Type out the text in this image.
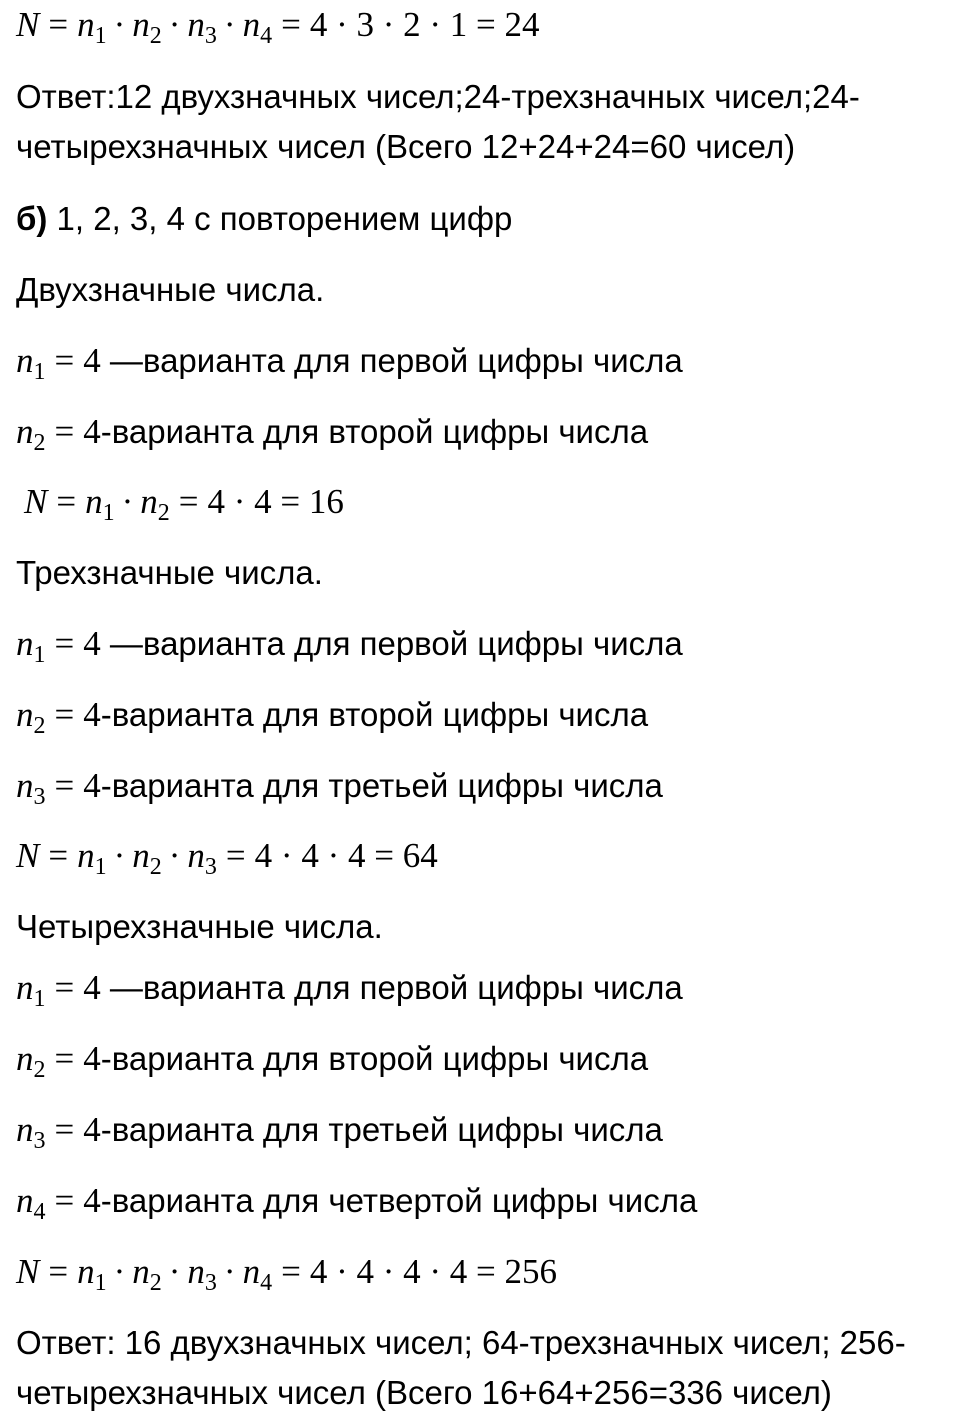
$N = n_1 \cdot n_2 \cdot n_3 \cdot n_4 = 4 \cdot 3 \cdot 2 \cdot 1 = 24$
Ответ:12 двухзначных чисел;24-трехзначных чисел;24-
четырехзначных чисел (Всего 12+24+24=60 чисел)
б) 1, 2, 3, 4 с повторением цифр
Двухзначные числа.
$n_1 = 4$ —варианта для первой цифры числа
$n_2$ = 4-варианта для второй цифры числа
$N = n_1 \cdot n_2 = 4 \cdot 4 = 16$
Трехзначные числа.
$n_1 = 4$ —варианта для первой цифры числа
$n_2$ = 4-варианта для второй цифры числа
$n_3$ = 4-варианта для третьей цифры числа
$N = n_1 \cdot n_2 \cdot n_3 = 4 \cdot 4 \cdot 4 = 64$
Четырехзначные числа.
$n_1 = 4$ —варианта для первой цифры числа
$n_2$ = 4-варианта для второй цифры числа
$n_3$ = 4-варианта для третьей цифры числа
$n_4$ = 4-варианта для четвертой цифры числа
$N = n_1 \cdot n_2 \cdot n_3 \cdot n_4 = 4 \cdot 4 \cdot 4 \cdot 4 = 256$
Ответ: 16 двухзначных чисел; 64-трехзначных чисел; 256-
четырехзначных чисел (Всего 16+64+256=336 чисел)
